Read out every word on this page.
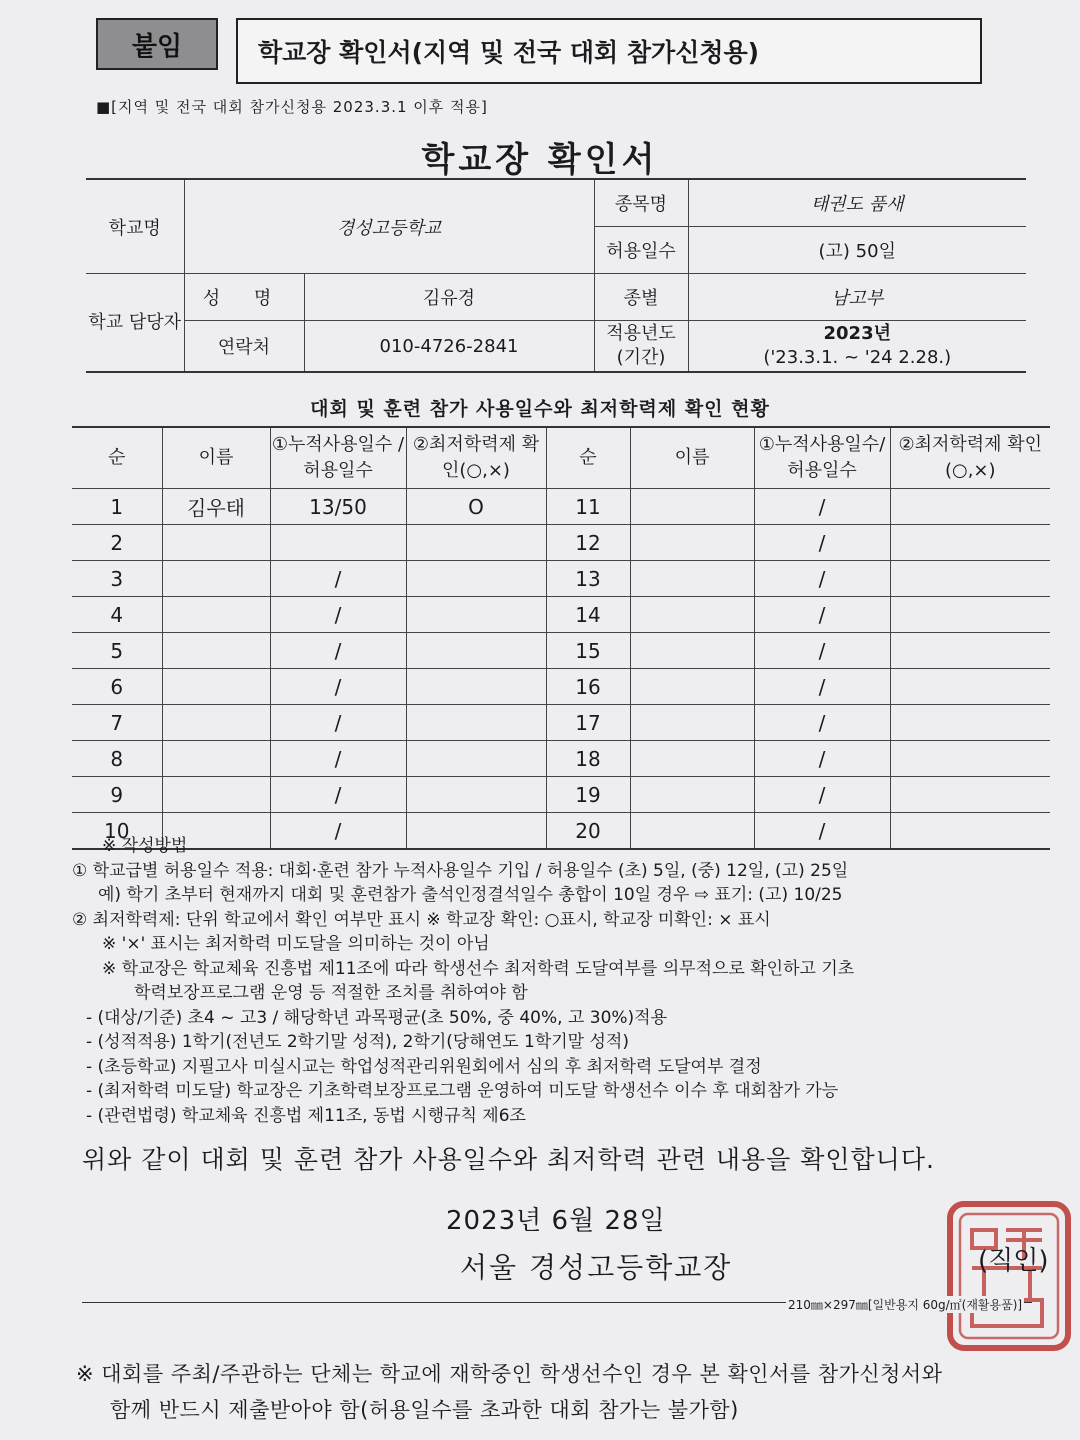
붙임	학교장 확인서(지역 및 전국 대회 참가신청용)
■[지역 및 전국 대회 참가신청용 2023.3.1 이후 적용]
학교장 확인서
학교명	경성고등학교		종목명	태권도 품새
			허용일수	(고) 50일
학교 담당자	성 명	김유경	종별	남고부
	연락처	010-4726-2841	적용년도 (기간)	2023년
('23.3.1. ~ '24 2.28.)
대회 및 훈련 참가 사용일수와 최저학력제 확인 현황
순	이름	①누적사용일수 /허용일수	②최저학력제 확인(○,×)	순	이름	①누적사용일수/ 허용일수	②최저학력제 확인(○,×)
1	김우태	13/50	O	11		/	
2				12		/	
3		/		13		/	
4		/		14		/	
5		/		15		/	
6		/		16		/	
7		/		17		/	
8		/		18		/	
9		/		19		/	
10		/		20		/	
※ 작성방법
① 학교급별 허용일수 적용: 대회·훈련 참가 누적사용일수 기입 / 허용일수 (초) 5일, (중) 12일, (고) 25일
예) 학기 초부터 현재까지 대회 및 훈련참가 출석인정결석일수 총합이 10일 경우 ⇨ 표기: (고) 10/25
② 최저학력제: 단위 학교에서 확인 여부만 표시 ※ 학교장 확인: ○표시, 학교장 미확인: × 표시
※ '×' 표시는 최저학력 미도달을 의미하는 것이 아님
※ 학교장은 학교체육 진흥법 제11조에 따라 학생선수 최저학력 도달여부를 의무적으로 확인하고 기초
학력보장프로그램 운영 등 적절한 조치를 취하여야 함
- (대상/기준) 초4 ~ 고3 / 해당학년 과목평균(초 50%, 중 40%, 고 30%)적용
- (성적적용) 1학기(전년도 2학기말 성적), 2학기(당해연도 1학기말 성적)
- (초등학교) 지필고사 미실시교는 학업성적관리위원회에서 심의 후 최저학력 도달여부 결정
- (최저학력 미도달) 학교장은 기초학력보장프로그램 운영하여 미도달 학생선수 이수 후 대회참가 가능
- (관련법령) 학교체육 진흥법 제11조, 동법 시행규칙 제6조
위와 같이 대회 및 훈련 참가 사용일수와 최저학력 관련 내용을 확인합니다.
2023년 6월 28일
서울 경성고등학교장	(직인)
210㎜×297㎜[일반용지 60g/㎡(재활용품)]
※ 대회를 주최/주관하는 단체는 학교에 재학중인 학생선수인 경우 본 확인서를 참가신청서와
함께 반드시 제출받아야 함(허용일수를 초과한 대회 참가는 불가함)
